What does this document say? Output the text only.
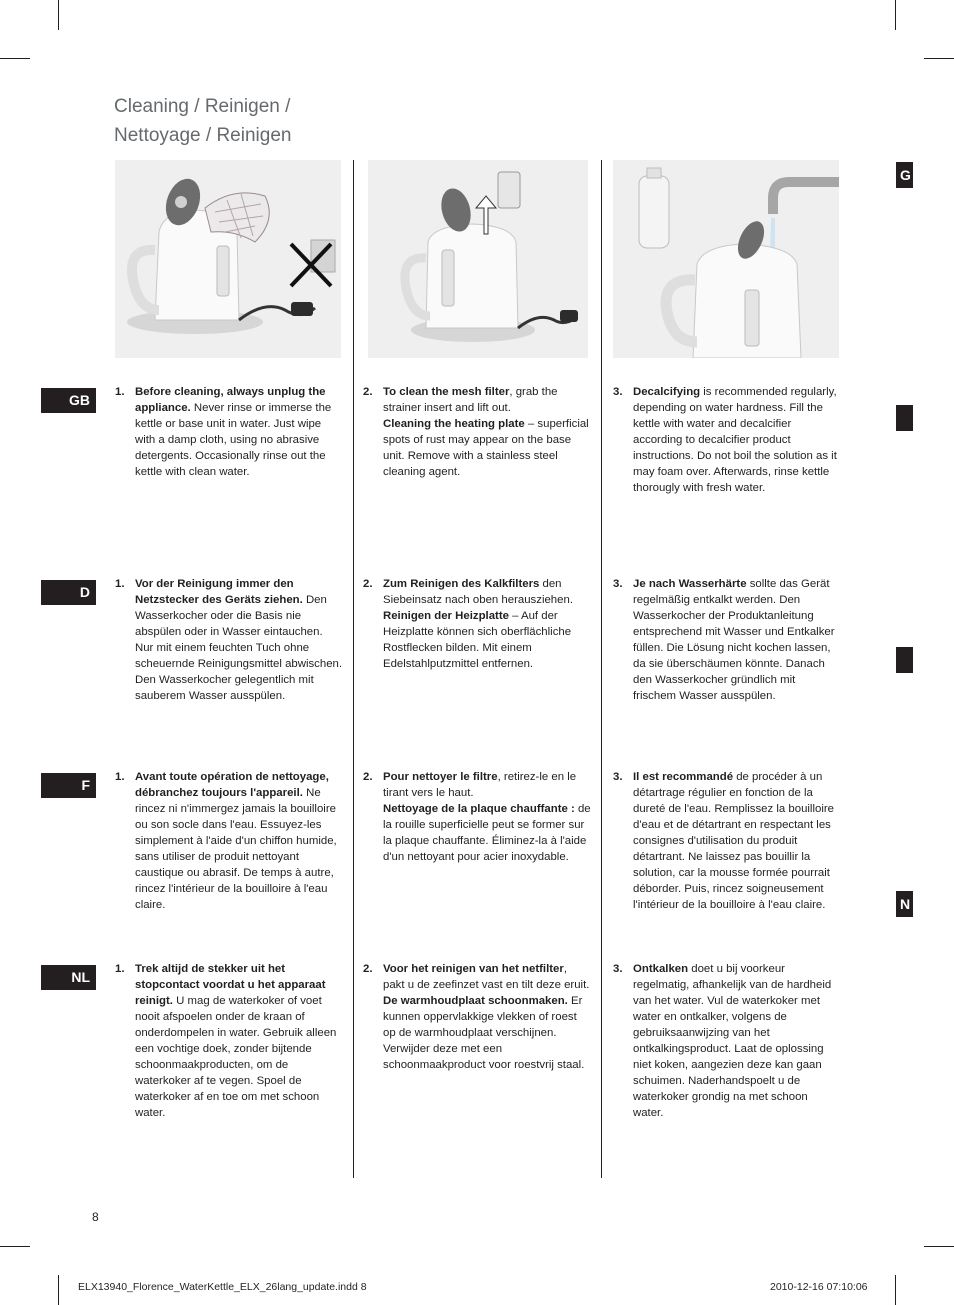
Cleaning / Reinigen /
Nettoyage / Reinigen
GB
D
F
NL
G
N
1. Before cleaning, always unplug the appliance. Never rinse or immerse the kettle or base unit in water. Just wipe with a damp cloth, using no abrasive detergents. Occasionally rinse out the kettle with clean water.
2. To clean the mesh filter, grab the strainer insert and lift out.
Cleaning the heating plate – superficial spots of rust may appear on the base unit. Remove with a stainless steel cleaning agent.
3. Decalcifying is recommended regularly, depending on water hardness. Fill the kettle with water and decalcifier according to decalcifier product instructions. Do not boil the solution as it may foam over. Afterwards, rinse kettle thorougly with fresh water.
1. Vor der Reinigung immer den Netzstecker des Geräts ziehen. Den Wasserkocher oder die Basis nie abspülen oder in Wasser eintauchen. Nur mit einem feuchten Tuch ohne scheuernde Reinigungsmittel abwischen. Den Wasserkocher gelegentlich mit sauberem Wasser ausspülen.
2. Zum Reinigen des Kalkfilters den Siebeinsatz nach oben herausziehen.
Reinigen der Heizplatte – Auf der Heizplatte können sich oberflächliche Rostflecken bilden. Mit einem Edelstahlputzmittel entfernen.
3. Je nach Wasserhärte sollte das Gerät regelmäßig entkalkt werden. Den Wasserkocher der Produktanleitung entsprechend mit Wasser und Entkalker füllen. Die Lösung nicht kochen lassen, da sie überschäumen könnte. Danach den Wasserkocher gründlich mit frischem Wasser ausspülen.
1. Avant toute opération de nettoyage, débranchez toujours l'appareil. Ne rincez ni n'immergez jamais la bouilloire ou son socle dans l'eau. Essuyez-les simplement à l'aide d'un chiffon humide, sans utiliser de produit nettoyant caustique ou abrasif. De temps à autre, rincez l'intérieur de la bouilloire à l'eau claire.
2. Pour nettoyer le filtre, retirez-le en le tirant vers le haut.
Nettoyage de la plaque chauffante : de la rouille superficielle peut se former sur la plaque chauffante. Éliminez-la à l'aide d'un nettoyant pour acier inoxydable.
3. Il est recommandé de procéder à un détartrage régulier en fonction de la dureté de l'eau. Remplissez la bouilloire d'eau et de détartrant en respectant les consignes d'utilisation du produit détartrant. Ne laissez pas bouillir la solution, car la mousse formée pourrait déborder. Puis, rincez soigneusement l'intérieur de la bouilloire à l'eau claire.
1. Trek altijd de stekker uit het stopcontact voordat u het apparaat reinigt. U mag de waterkoker of voet nooit afspoelen onder de kraan of onderdompelen in water. Gebruik alleen een vochtige doek, zonder bijtende schoonmaakproducten, om de waterkoker af te vegen. Spoel de waterkoker af en toe om met schoon water.
2. Voor het reinigen van het netfilter, pakt u de zeefinzet vast en tilt deze eruit.
De warmhoudplaat schoonmaken. Er kunnen oppervlakkige vlekken of roest op de warmhoudplaat verschijnen. Verwijder deze met een schoonmaakproduct voor roestvrij staal.
3. Ontkalken doet u bij voorkeur regelmatig, afhankelijk van de hardheid van het water. Vul de waterkoker met water en ontkalker, volgens de gebruiksaanwijzing van het ontkalkingsproduct. Laat de oplossing niet koken, aangezien deze kan gaan schuimen. Naderhandspoelt u de waterkoker grondig na met schoon water.
8
ELX13940_Florence_WaterKettle_ELX_26lang_update.indd 8	2010-12-16 07:10:06
